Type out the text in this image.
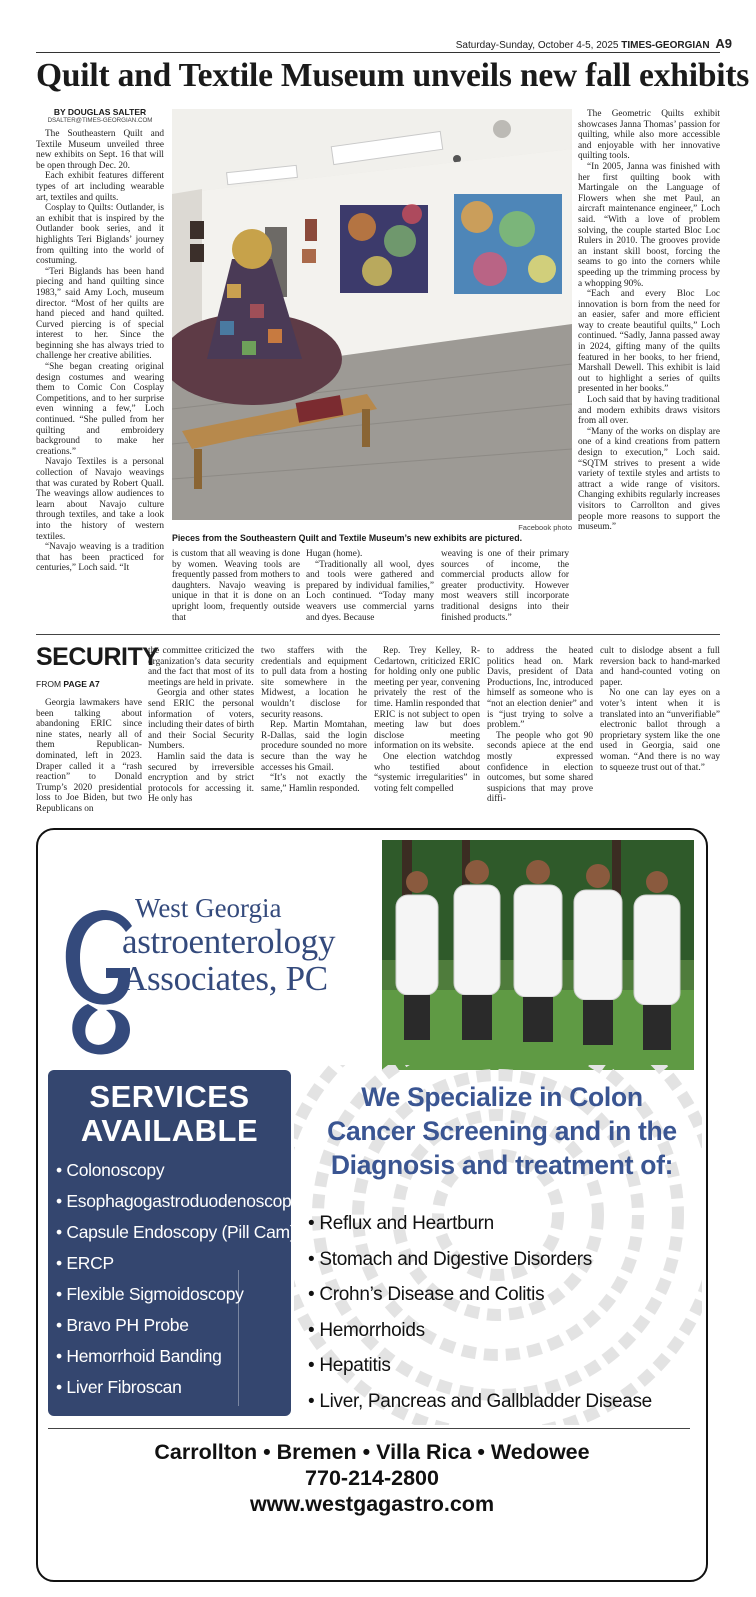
Saturday-Sunday, October 4-5, 2025 TIMES-GEORGIAN A9
Quilt and Textile Museum unveils new fall exhibits
BY DOUGLAS SALTER
DSALTER@TIMES-GEORGIAN.COM

The Southeastern Quilt and Textile Museum unveiled three new exhibits on Sept. 16 that will be open through Dec. 20.

Each exhibit features different types of art including wearable art, textiles and quilts.

Cosplay to Quilts: Outlander, is an exhibit that is inspired by the Outlander book series, and it highlights Teri Biglands’ journey from quilting into the world of costuming.

“Teri Biglands has been hand piecing and hand quilting since 1983,” said Amy Loch, museum director. “Most of her quilts are hand pieced and hand quilted. Curved piercing is of special interest to her. Since the beginning she has always tried to challenge her creative abilities.

“She began creating original design costumes and wearing them to Comic Con Cosplay Competitions, and to her surprise even winning a few,” Loch continued. “She pulled from her quilting and embroidery background to make her creations.”

Navajo Textiles is a personal collection of Navajo weavings that was curated by Robert Quall. The weavings allow audiences to learn about Navajo culture through textiles, and take a look into the history of western textiles.

“Navajo weaving is a tradition that has been practiced for centuries,” Loch said. “It

Facebook photo
Pieces from the Southeastern Quilt and Textile Museum’s new exhibits are pictured.

is custom that all weaving is done by women. Weaving tools are frequently passed from mothers to daughters. Navajo weaving is unique in that it is done on an upright loom, frequently outside that

Hugan (home).

“Traditionally all wool, dyes and tools were gathered and prepared by individual families,” Loch continued. “Today many weavers use commercial yarns and dyes. Because

weaving is one of their primary sources of income, the commercial products allow for greater productivity. However most weavers still incorporate traditional designs into their finished products.”

The Geometric Quilts exhibit showcases Janna Thomas’ passion for quilting, while also more accessible and enjoyable with her innovative quilting tools.

“In 2005, Janna was finished with her first quilting book with Martingale on the Language of Flowers when she met Paul, an aircraft maintenance engineer,” Loch said. “With a love of problem solving, the couple started Bloc Loc Rulers in 2010. The grooves provide an instant skill boost, forcing the seams to go into the corners while speeding up the trimming process by a whopping 90%.

“Each and every Bloc Loc innovation is born from the need for an easier, safer and more efficient way to create beautiful quilts,” Loch continued. “Sadly, Janna passed away in 2024, gifting many of the quilts featured in her books, to her friend, Marshall Dewell. This exhibit is laid out to highlight a series of quilts presented in her books.”

Loch said that by having traditional and modern exhibits draws visitors from all over.

“Many of the works on display are one of a kind creations from pattern design to execution,” Loch said. “SQTM strives to present a wide variety of textile styles and artists to attract a wide range of visitors. Changing exhibits regularly increases visitors to Carrollton and gives people more reasons to support the museum.”

SECURITY
FROM PAGE A7

Georgia lawmakers have been talking about abandoning ERIC since nine states, nearly all of them Republican-dominated, left in 2023. Draper called it a “rash reaction” to Donald Trump’s 2020 presidential loss to Joe Biden, but two Republicans on

the committee criticized the organization’s data security and the fact that most of its meetings are held in private.

Georgia and other states send ERIC the personal information of voters, including their dates of birth and their Social Security Numbers.

Hamlin said the data is secured by irreversible encryption and by strict protocols for accessing it. He only has

two staffers with the credentials and equipment to pull data from a hosting site somewhere in the Midwest, a location he wouldn’t disclose for security reasons.

Rep. Martin Momtahan, R-Dallas, said the login procedure sounded no more secure than the way he accesses his Gmail.

“It’s not exactly the same,” Hamlin responded.

Rep. Trey Kelley, R-Cedartown, criticized ERIC for holding only one public meeting per year, convening privately the rest of the time. Hamlin responded that ERIC is not subject to open meeting law but does disclose meeting information on its website.

One election watchdog who testified about “systemic irregularities” in voting felt compelled

to address the heated politics head on. Mark Davis, president of Data Productions, Inc, introduced himself as someone who is “not an election denier” and is “just trying to solve a problem.”

The people who got 90 seconds apiece at the end mostly expressed confidence in election outcomes, but some shared suspicions that may prove diffi-

cult to dislodge absent a full reversion back to hand-marked and hand-counted voting on paper.

No one can lay eyes on a voter’s intent when it is translated into an “unverifiable” electronic ballot through a proprietary system like the one used in Georgia, said one woman. “And there is no way to squeeze trust out of that.”

West Georgia
astroenterology
Associates, PC
SERVICES
AVAILABLE
• Colonoscopy
• Esophagogastroduodenoscopy
• Capsule Endoscopy (Pill Cam)
• ERCP
• Flexible Sigmoidoscopy
• Bravo PH Probe
• Hemorrhoid Banding
• Liver Fibroscan
We Specialize in Colon
Cancer Screening and in the
Diagnosis and treatment of:
• Reflux and Heartburn
• Stomach and Digestive Disorders
• Crohn’s Disease and Colitis
• Hemorrhoids
• Hepatitis
• Liver, Pancreas and Gallbladder Disease
Carrollton • Bremen • Villa Rica • Wedowee
770-214-2800
www.westgagastro.com
